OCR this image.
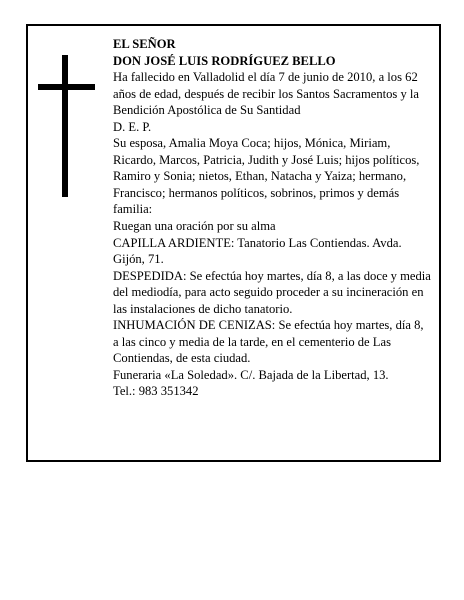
EL SEÑOR

DON JOSÉ LUIS RODRÍGUEZ BELLO

Ha fallecido en Valladolid el día 7 de junio de 2010, a los 62 años de edad, después de recibir los Santos Sacramentos y la Bendición Apostólica de Su Santidad

D. E. P.

Su esposa, Amalia Moya Coca; hijos, Mónica, Miriam, Ricardo, Marcos, Patricia, Judith y José Luis; hijos políticos, Ramiro y Sonia; nietos, Ethan, Natacha y Yaiza; hermano, Francisco; hermanos políticos, sobrinos, primos y demás familia:

Ruegan una oración por su alma

CAPILLA ARDIENTE: Tanatorio Las Contiendas. Avda. Gijón, 71.

DESPEDIDA: Se efectúa hoy martes, día 8, a las doce y media del mediodía, para acto seguido proceder a su incineración en las instalaciones de dicho tanatorio.

INHUMACIÓN DE CENIZAS: Se efectúa hoy martes, día 8, a las cinco y media de la tarde, en el cementerio de Las Contiendas, de esta ciudad.

Funeraria «La Soledad». C/. Bajada de la Libertad, 13.

Tel.: 983 351342
